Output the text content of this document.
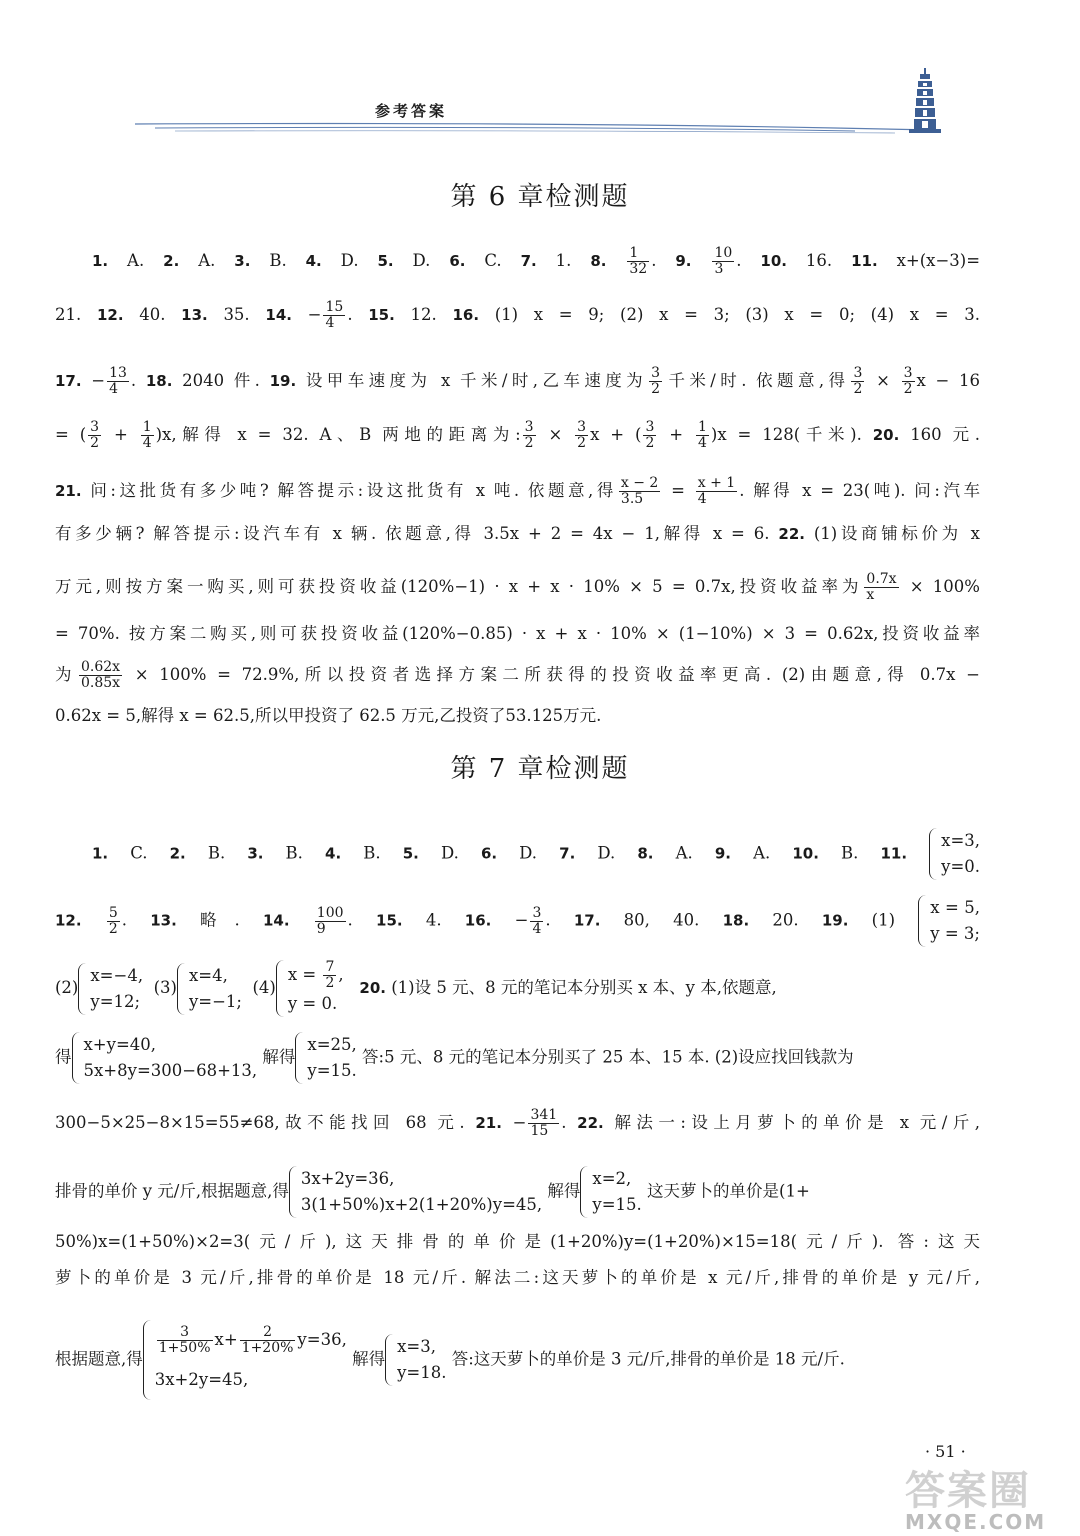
参考答案
第 6 章检测题
1. A. 2. A. 3. B. 4. D. 5. D. 6. C. 7. 1. 8. $\frac{1}{32}$ . 9. $\frac{10}{3}$ . 10. 16. 11. x+(x−3)=
21. 12. 40. 13. 35. 14. − $\frac{15}{4}$ . 15. 12. 16. (1) x = 9; (2) x = 3; (3) x = 0; (4) x = 3.
17. − $\frac{13}{4}$ . 18. 2040 件. 19. 设甲车速度为 x 千米/时,乙车速度为 $\frac{3}{2}$ 千米/时. 依题意,得 $\frac{3}{2} \times \frac{3}{2}$ x − 16
= ( $\frac{3}{2} + \frac{1}{4} )x$,解得 x = 32. A、B 两地的距离为: $\frac{3}{2} \times \frac{3}{2}$ x + ( $\frac{3}{2} + \frac{1}{4} )x = 128$(千米). 20. 160 元.
21. 问:这批货有多少吨? 解答提示:设这批货有 x 吨. 依题意,得 $\frac{x - 2}{3.5} = \frac{x + 1}{4}$ . 解得 x = 23(吨). 问:汽车
有多少辆? 解答提示:设汽车有 x 辆. 依题意,得 3.5x + 2 = 4x − 1,解得 x = 6. 22. (1)设商铺标价为 x
万元,则按方案一购买,则可获投资收益(120%−1) · x + x · 10% × 5 = 0.7x,投资收益率为 $\frac{0.7x}{x} \times 100\%$
= 70%. 按方案二购买,则可获投资收益(120%−0.85) · x + x · 10% × (1−10%) × 3 = 0.62x,投资收益率
为 $\frac{0.62x}{0.85x} \times 100\% = 72.9\%$,所以投资者选择方案二所获得的投资收益率更高. (2)由题意,得 0.7x −
0.62x = 5,解得 x = 62.5,所以甲投资了 62.5 万元,乙投资了53.125万元.
第 7 章检测题
1. C. 2. B. 3. B. 4. B. 5. D. 6. D. 7. D. 8. A. 9. A. 10. B. 11.
x=3,
y=0.
12. $\frac{5}{2}$ . 13. 略. 14. $\frac{100}{9}$ . 15. 4. 16. − $\frac{3}{4}$ . 17. 80, 40. 18. 20. 19. (1)
x = 5,
y = 3;
(2)
x=−4,
y=12;
(3)
x=4,
y=−1;
(4)
$x = \frac{7}{2}$ ,
y = 0.
20. (1)设 5 元、8 元的笔记本分别买 x 本、y 本,依题意,
得
x+y=40,
5x+8y=300−68+13,
解得
x=25,
y=15.
答:5 元、8 元的笔记本分别买了 25 本、15 本. (2)设应找回钱款为
300−5×25−8×15=55≠68,故不能找回 68 元. 21. − $\frac{341}{15}$ . 22. 解法一:设上月萝卜的单价是 x 元/斤,
排骨的单价 y 元/斤,根据题意,得
3x+2y=36,
3(1+50%)x+2(1+20%)y=45,
解得
x=2,
y=15.
这天萝卜的单价是(1+
50%)x=(1+50%)×2=3(元/斤),这天排骨的单价是(1+20%)y=(1+20%)×15=18(元/斤). 答:这天
萝卜的单价是 3 元/斤,排骨的单价是 18 元/斤. 解法二:这天萝卜的单价是 x 元/斤,排骨的单价是 y 元/斤,
根据题意,得
$\frac{3}{1+50\%} x+ \frac{2}{1+20\%} y=36$,
3x+2y=45,
解得
x=3,
y=18.
答:这天萝卜的单价是 3 元/斤,排骨的单价是 18 元/斤.
· 51 ·
答案圈
MXQE.COM
